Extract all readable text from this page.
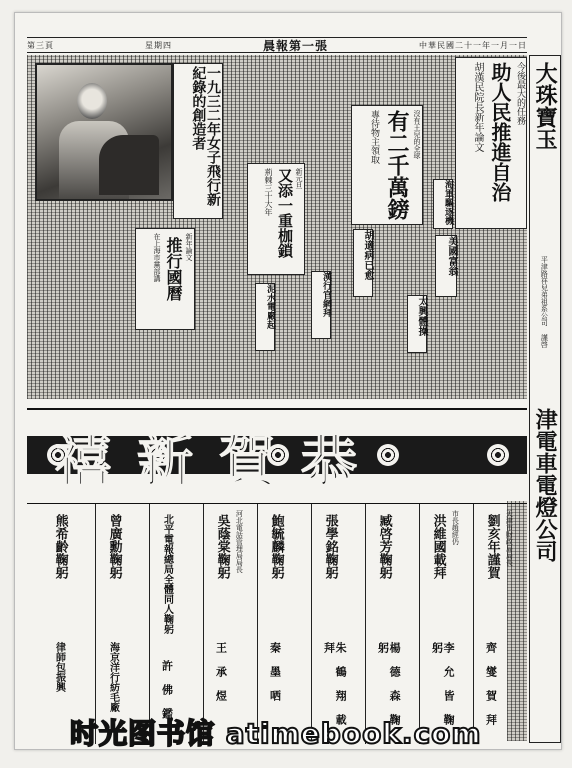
第三頁	星期四	晨報第一張	中華民國二十一年一月一日
一九三二年女子飛行新紀錄的創造者	今後最大的任務
助人民推進自治
胡漢民院長新年論文
沒有王兒的全球
有二千萬鎊
專待物主領取
新元旦
又添一重枷鎖
荊棘三十大年
新年論文
推行國曆
在上海市黨部講	美國富翁
海軍驅逐機
胡適病已愈
太興體操
漢行官網拜
泥水電廠起
大珠寶玉
平津路祥兒弟祖系公司 謹啓
津電車電燈公司
恭賀新禧
天津市財政局局長
劉亥年謹賀
齊 燮 賀 拜
市長趙經仍
洪維國載拜
李 允 皆 鞠 躬
臧啓芳鞠躬
楊 德 森 鞠 躬
張學銘鞠躬
朱 鶴 翔 載 拜
鮑毓麟鞠躬
秦 墨 哂
河北電話管理局局長
吳蔭棠鞠躬
王 承 煜
北平電報總局全體同人鞠躬
許 佛 鑑
曾廣勳鞠躬
海京洋行紡毛廠
熊希齡鞠躬
律師包振興
时光图书馆 atimebook.com
